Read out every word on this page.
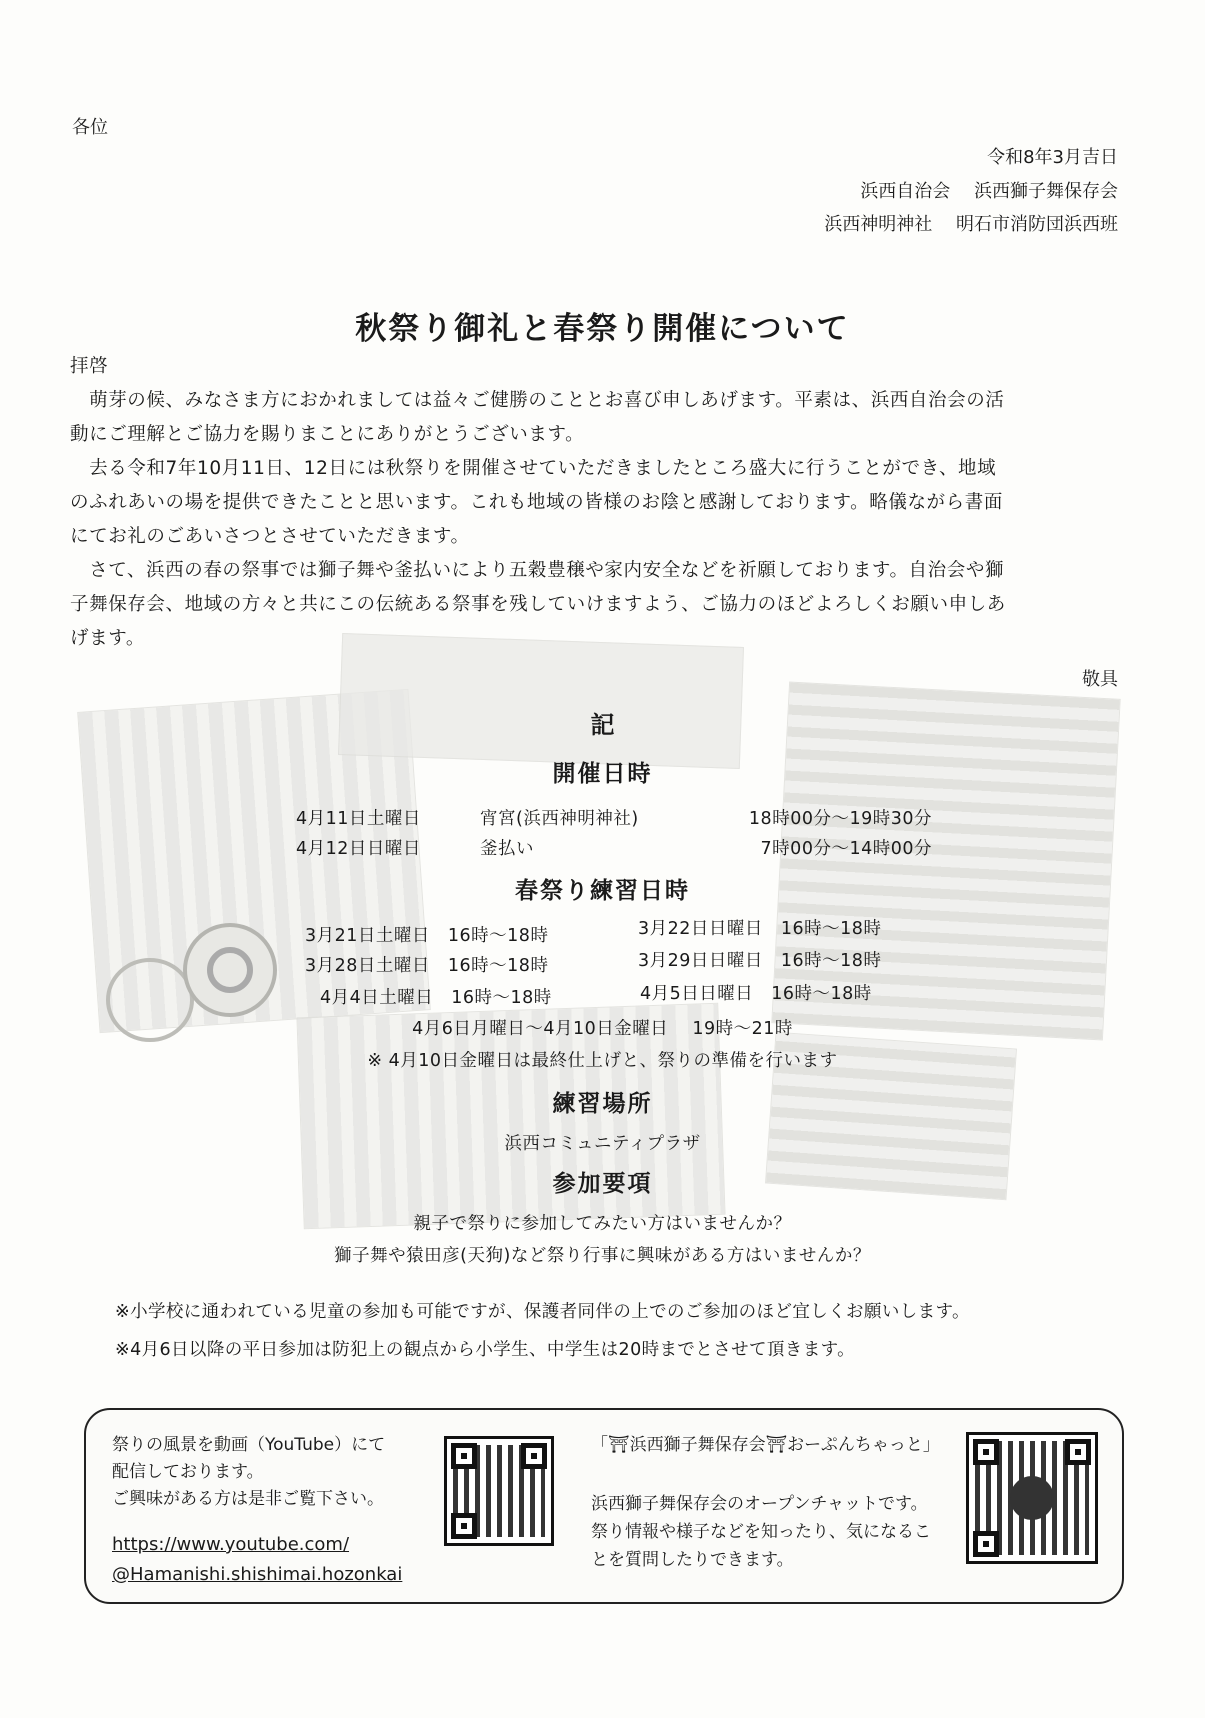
各位
令和8年3月吉日
浜西自治会　 浜西獅子舞保存会
浜西神明神社　 明石市消防団浜西班
秋祭り御礼と春祭り開催について
拝啓
　萌芽の候、みなさま方におかれましては益々ご健勝のこととお喜び申しあげます。平素は、浜西自治会の活
動にご理解とご協力を賜りまことにありがとうございます。
　去る令和7年10月11日、12日には秋祭りを開催させていただきましたところ盛大に行うことができ、地域
のふれあいの場を提供できたことと思います。これも地域の皆様のお陰と感謝しております。略儀ながら書面
にてお礼のごあいさつとさせていただきます。
　さて、浜西の春の祭事では獅子舞や釜払いにより五穀豊穣や家内安全などを祈願しております。自治会や獅
子舞保存会、地域の方々と共にこの伝統ある祭事を残していけますよう、ご協力のほどよろしくお願い申しあ
げます。
敬具
記
開催日時
4月11日土曜日	宵宮(浜西神明神社)	18時00分～19時30分
4月12日日曜日	釜払い	7時00分～14時00分
春祭り練習日時
3月21日土曜日　16時～18時	3月22日日曜日　16時～18時
3月28日土曜日　16時～18時	3月29日日曜日　16時～18時
4月4日土曜日　16時～18時	4月5日日曜日　16時～18時
4月6日月曜日～4月10日金曜日　 19時～21時
※ 4月10日金曜日は最終仕上げと、祭りの準備を行います
練習場所
浜西コミュニティプラザ
参加要項
親子で祭りに参加してみたい方はいませんか？
獅子舞や猿田彦(天狗)など祭り行事に興味がある方はいませんか？
※小学校に通われている児童の参加も可能ですが、保護者同伴の上でのご参加のほど宜しくお願いします。
※4月6日以降の平日参加は防犯上の観点から小学生、中学生は20時までとさせて頂きます。
祭りの風景を動画（YouTube）にて
配信しております。
ご興味がある方は是非ご覧下さい。
https://www.youtube.com/
@Hamanishi.shishimai.hozonkai
「⛩浜西獅子舞保存会⛩おーぷんちゃっと」
浜西獅子舞保存会のオープンチャットです。
祭り情報や様子などを知ったり、気になるこ
とを質問したりできます。
